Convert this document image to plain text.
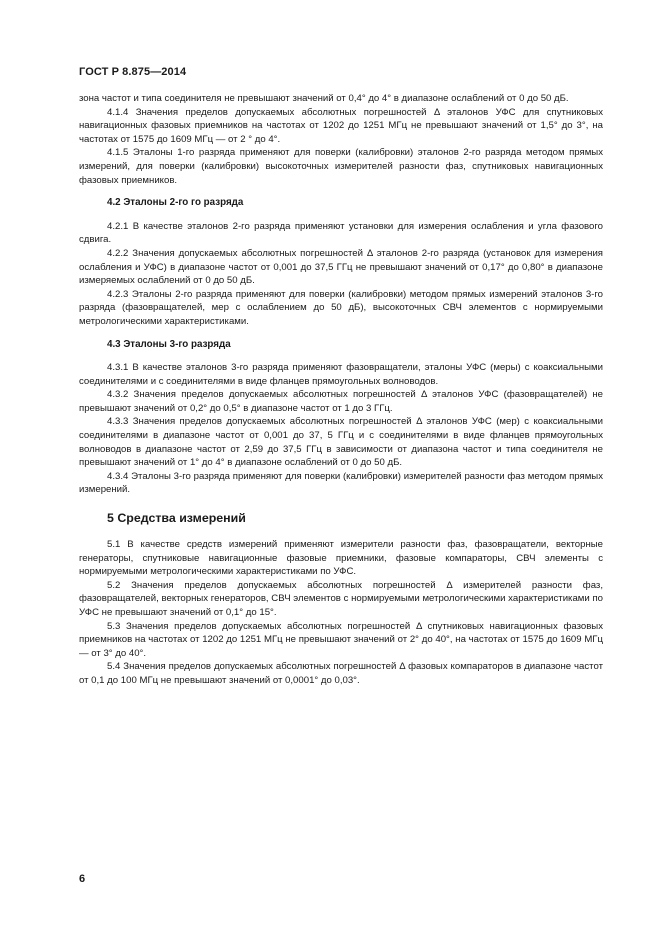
ГОСТ Р 8.875—2014

зона частот и типа соединителя не превышают значений от 0,4° до 4° в диапазоне ослаблений от 0 до 50 дБ.

4.1.4 Значения пределов допускаемых абсолютных погрешностей Δ эталонов УФС для спутниковых навигационных фазовых приемников на частотах от 1202 до 1251 МГц не превышают значений от 1,5° до 3°, на частотах от 1575 до 1609 МГц — от 2 ° до 4°.

4.1.5 Эталоны 1-го разряда применяют для поверки (калибровки) эталонов 2-го разряда методом прямых измерений, для поверки (калибровки) высокоточных измерителей разности фаз, спутниковых навигационных фазовых приемников.

4.2 Эталоны 2-го го разряда

4.2.1 В качестве эталонов 2-го разряда применяют установки для измерения ослабления и угла фазового сдвига.

4.2.2 Значения допускаемых абсолютных погрешностей Δ эталонов 2-го разряда (установок для измерения ослабления и УФС) в диапазоне частот от 0,001 до 37,5 ГГц не превышают значений от 0,17° до 0,80° в диапазоне измеряемых ослаблений от 0 до 50 дБ.

4.2.3 Эталоны 2-го разряда применяют для поверки (калибровки) методом прямых измерений эталонов 3-го разряда (фазовращателей, мер с ослаблением до 50 дБ), высокоточных СВЧ элементов с нормируемыми метрологическими характеристиками.

4.3 Эталоны 3-го разряда

4.3.1 В качестве эталонов 3-го разряда применяют фазовращатели, эталоны УФС (меры) с коаксиальными соединителями и с соединителями в виде фланцев прямоугольных волноводов.

4.3.2 Значения пределов допускаемых абсолютных погрешностей Δ эталонов УФС (фазовращателей) не превышают значений от 0,2° до 0,5° в диапазоне частот от 1 до 3 ГГц.

4.3.3 Значения пределов допускаемых абсолютных погрешностей Δ эталонов УФС (мер) с коаксиальными соединителями в диапазоне частот от 0,001 до 37, 5 ГГц и с соединителями в виде фланцев прямоугольных волноводов в диапазоне частот от 2,59 до 37,5 ГГц в зависимости от диапазона частот и типа соединителя не превышают значений от 1° до 4° в диапазоне ослаблений от 0 до 50 дБ.

4.3.4 Эталоны 3-го разряда применяют для поверки (калибровки) измерителей разности фаз методом прямых измерений.

5 Средства измерений

5.1 В качестве средств измерений применяют измерители разности фаз, фазовращатели, векторные генераторы, спутниковые навигационные фазовые приемники, фазовые компараторы, СВЧ элементы с нормируемыми метрологическими характеристиками по УФС.

5.2 Значения пределов допускаемых абсолютных погрешностей Δ измерителей разности фаз, фазовращателей, векторных генераторов, СВЧ элементов с нормируемыми метрологическими характеристиками по УФС не превышают значений от 0,1° до 15°.

5.3 Значения пределов допускаемых абсолютных погрешностей Δ спутниковых навигационных фазовых приемников на частотах от 1202 до 1251 МГц не превышают значений от 2° до 40°, на частотах от 1575 до 1609 МГц — от 3° до 40°.

5.4 Значения пределов допускаемых абсолютных погрешностей Δ фазовых компараторов в диапазоне частот от 0,1 до 100 МГц не превышают значений от 0,0001° до 0,03°.

6
